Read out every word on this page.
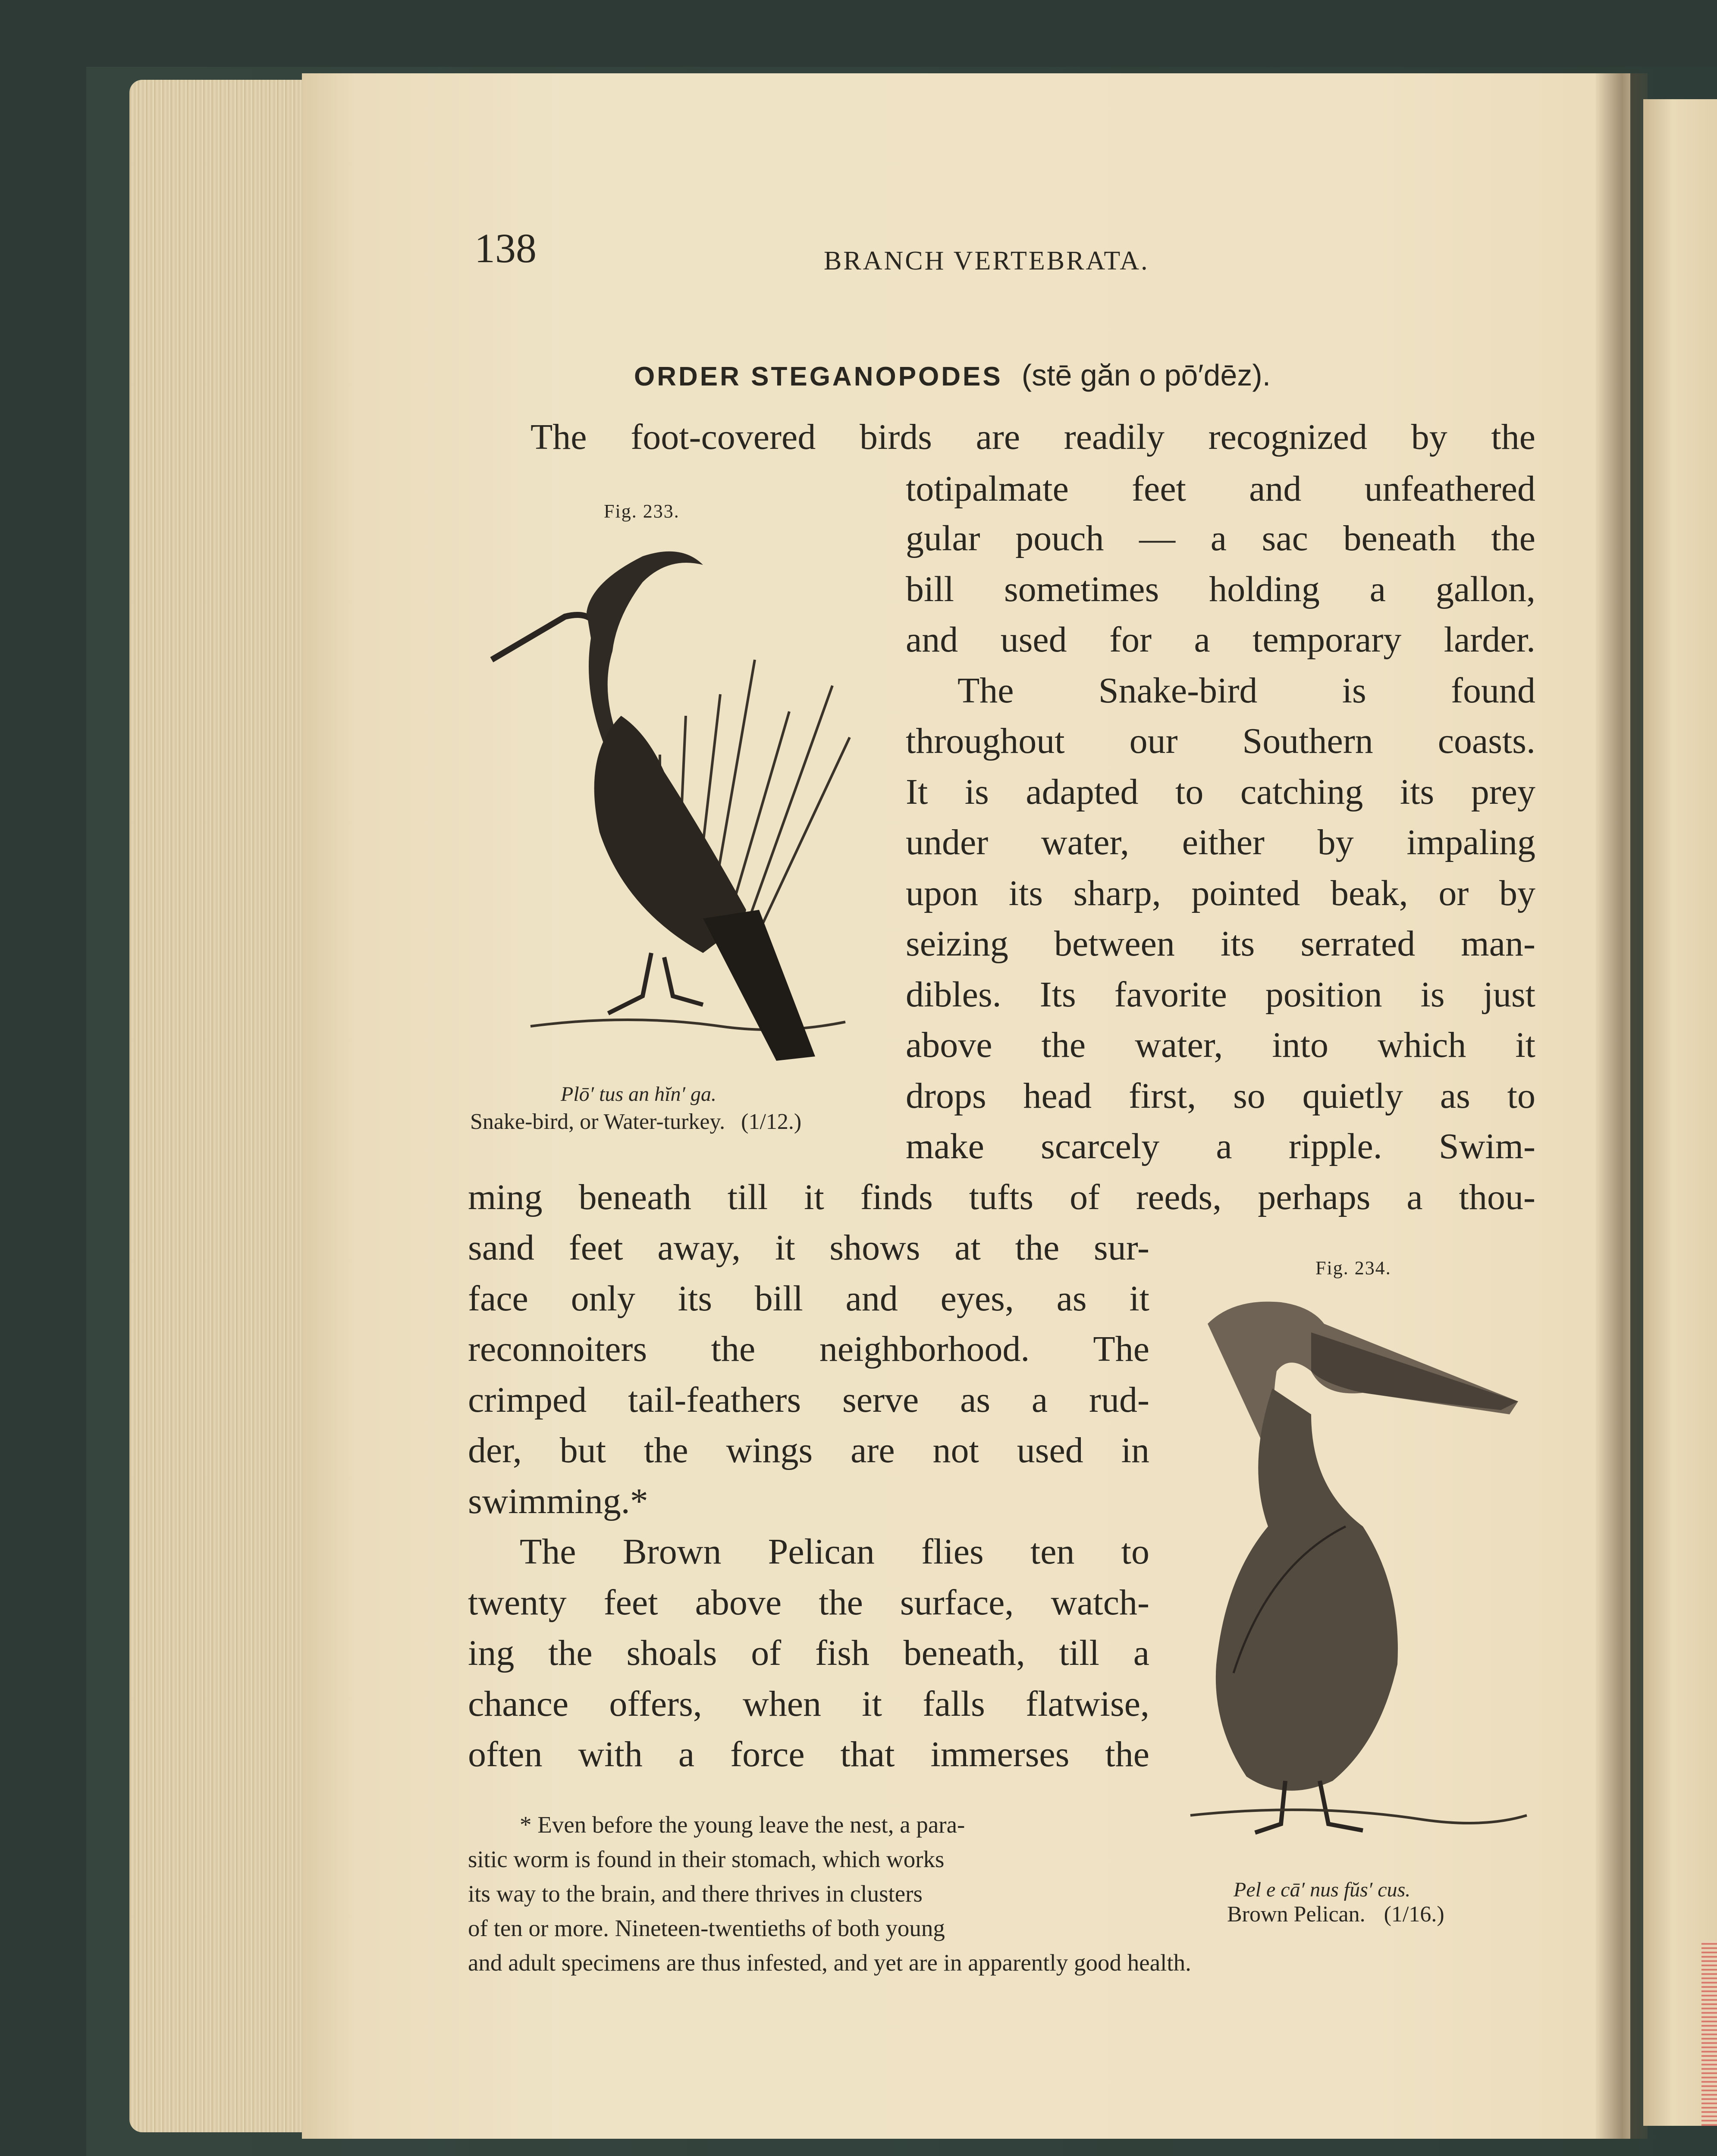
138	BRANCH VERTEBRATA.
ORDER STEGANOPODES (stē găn o pō′dēz).
The foot-covered birds are readily recognized by the
totipalmate feet and unfeathered
gular pouch — a sac beneath the
bill sometimes holding a gallon,
and used for a temporary larder.
The Snake-bird is found
throughout our Southern coasts.
It is adapted to catching its prey
under water, either by impaling
upon its sharp, pointed beak, or by
seizing between its serrated man-
dibles. Its favorite position is just
above the water, into which it
drops head first, so quietly as to
make scarcely a ripple. Swim-
ming beneath till it finds tufts of reeds, perhaps a thou-
sand feet away, it shows at the sur-
face only its bill and eyes, as it
reconnoiters the neighborhood. The
crimped tail-feathers serve as a rud-
der, but the wings are not used in
swimming.*
The Brown Pelican flies ten to
twenty feet above the surface, watch-
ing the shoals of fish beneath, till a
chance offers, when it falls flatwise,
often with a force that immerses the
Fig. 233.
Plō′ tus an hĭn′ ga.
Snake-bird, or Water-turkey. (1/12.)
Fig. 234.
Pel e cā′ nus fŭs′ cus.
Brown Pelican. (1/16.)
* Even before the young leave the nest, a para-
sitic worm is found in their stomach, which works
its way to the brain, and there thrives in clusters
of ten or more. Nineteen-twentieths of both young
and adult specimens are thus infested, and yet are in apparently good health.
